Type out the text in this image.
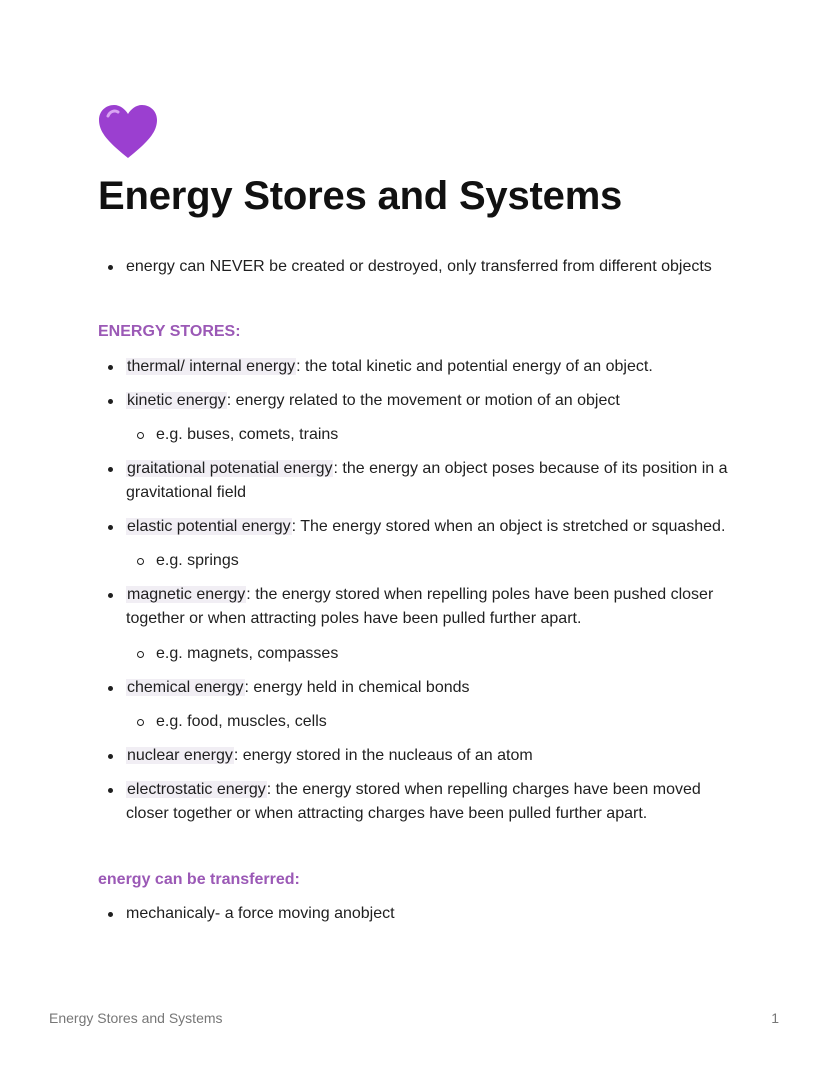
Energy Stores and Systems
energy can NEVER be created or destroyed, only transferred from different objects
ENERGY STORES:
thermal/ internal energy: the total kinetic and potential energy of an object.
kinetic energy: energy related to the movement or motion of an object
e.g. buses, comets, trains
graitational potenatial energy: the energy an object poses because of its position in a gravitational field
elastic potential energy: The energy stored when an object is stretched or squashed.
e.g. springs
magnetic energy: the energy stored when repelling poles have been pushed closer together or when attracting poles have been pulled further apart.
e.g. magnets, compasses
chemical energy: energy held in chemical bonds
e.g. food, muscles, cells
nuclear energy: energy stored in the nucleaus of an atom
electrostatic energy: the energy stored when repelling charges have been moved closer together or when attracting charges have been pulled further apart.
energy can be transferred:
mechanicaly- a force moving anobject
Energy Stores and Systems	1
